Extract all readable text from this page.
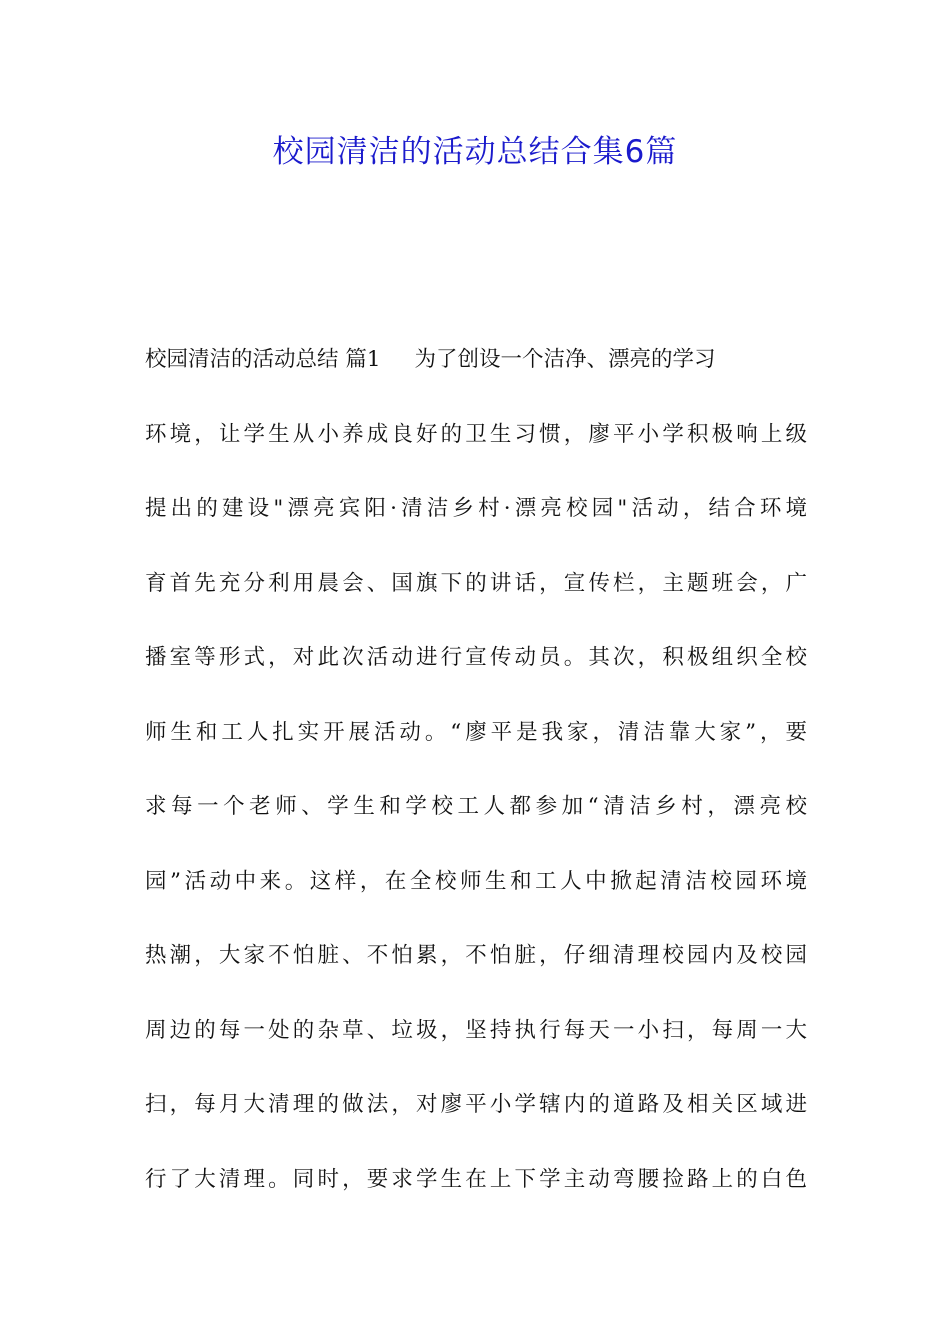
校园清洁的活动总结合集6篇
校园清洁的活动总结 篇1 为了创设一个洁净、漂亮的学习
环境，让学生从小养成良好的卫生习惯，廖平小学积极响上级
提出的建设"漂亮宾阳·清洁乡村·漂亮校园"活动，结合环境
育首先充分利用晨会、国旗下的讲话，宣传栏，主题班会，广
播室等形式，对此次活动进行宣传动员。其次，积极组织全校
师生和工人扎实开展活动。“廖平是我家，清洁靠大家”，要
求每一个老师、学生和学校工人都参加“清洁乡村，漂亮校
园”活动中来。这样，在全校师生和工人中掀起清洁校园环境
热潮，大家不怕脏、不怕累，不怕脏，仔细清理校园内及校园
周边的每一处的杂草、垃圾，坚持执行每天一小扫，每周一大
扫，每月大清理的做法，对廖平小学辖内的道路及相关区域进
行了大清理。同时，要求学生在上下学主动弯腰捡路上的白色
